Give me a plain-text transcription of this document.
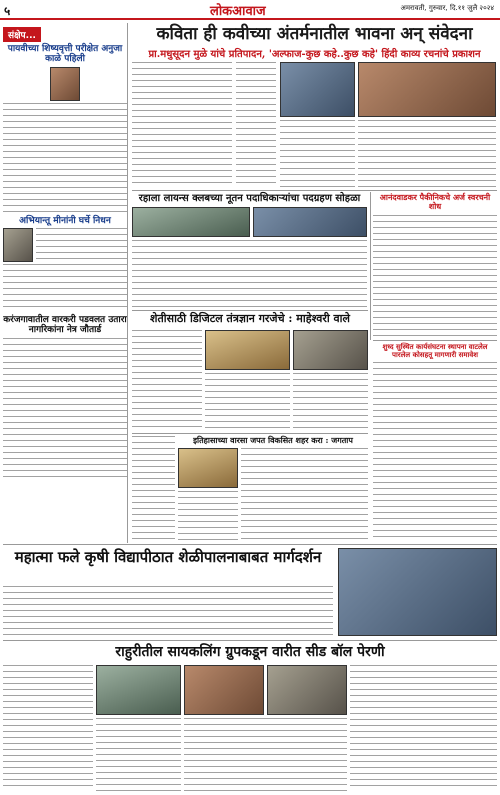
५	लोकआवाज	अमरावती, गुरुवार, दि.११ जुलै २०२४
संक्षेप...
पायवीच्या शिष्यवृत्ती परीक्षेत अनुजा काळे पहिली
अभियान्तू मीनांनी घर्चे निधन
करंजगावातील वारकरी पडवलत उतारा नागरिकांना नेत्र जौतार्ड
कविता ही कवीच्या अंतर्मनातील भावना अन् संवेदना
प्रा.मधुसूदन मुळे यांचे प्रतिपादन, 'अल्फाज-कुछ कहे..कुछ कहे' हिंदी काव्य रचनांचे प्रकाशन
रहाला लायन्स क्लबच्या नूतन पदाधिकाऱ्यांचा पदग्रहण सोहळा	आनंदवाडकर पैकीनिकचे अर्ज स्वरचनी शोध
शेतीसाठी डिजिटल तंत्रज्ञान गरजेचे : माहेश्वरी वाले
शुध्द सुस्थित कार्यसंघटना स्थापना वाटलेल पारलेल कोसहतू मागणारी समावेश
इतिहासाच्या वारसा जपत विकसित शहर करा : जगताप
महात्मा फले कृषी विद्यापीठात शेळीपालनाबाबत मार्गदर्शन
राहुरीतील सायकलिंग ग्रुपकडून वारीत सीड बॉल पेरणी
